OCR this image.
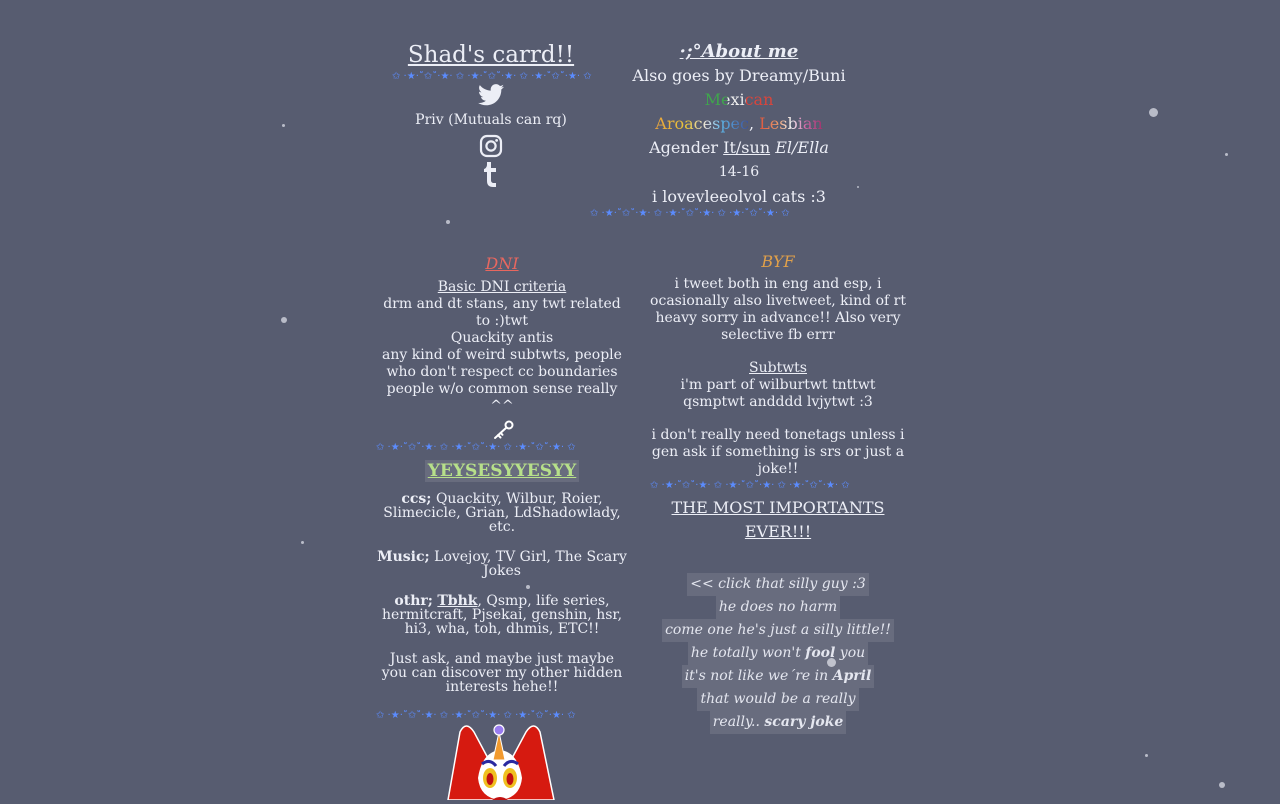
Shad's carrd!!
✩ ·★·˚✩˚·★· ✩ ·★·˚✩˚·★· ✩ ·★·˚✩˚·★· ✩
Priv (Mutuals can rq)
·;°About me
Also goes by Dreamy/Buni
Mexican
Aroacespec, Lesbian
Agender It/sun El/Ella
14-16
i lovevleeolvol cats :3
✩ ·★·˚✩˚·★· ✩ ·★·˚✩˚·★· ✩ ·★·˚✩˚·★· ✩
DNI
Basic DNI criteria
drm and dt stans, any twt related to :)twt
Quackity antis
any kind of weird subtwts, people who don't respect cc boundaries people w/o common sense really
^^
✩ ·★·˚✩˚·★· ✩ ·★·˚✩˚·★· ✩ ·★·˚✩˚·★· ✩
YEYSESYYESYY
ccs; Quackity, Wilbur, Roier, Slimecicle, Grian, LdShadowlady, etc.
Music; Lovejoy, TV Girl, The Scary Jokes
othr; Tbhk, Qsmp, life series, hermitcraft, Pjsekai, genshin, hsr, hi3, wha, toh, dhmis, ETC!!
Just ask, and maybe just maybe you can discover my other hidden interests hehe!!
✩ ·★·˚✩˚·★· ✩ ·★·˚✩˚·★· ✩ ·★·˚✩˚·★· ✩
BYF
i tweet both in eng and esp, i ocasionally also livetweet, kind of rt heavy sorry in advance!! Also very selective fb errr
Subtwts
i'm part of wilburtwt tnttwt qsmptwt andddd lvjytwt :3
i don't really need tonetags unless i gen ask if something is srs or just a joke!!
✩ ·★·˚✩˚·★· ✩ ·★·˚✩˚·★· ✩ ·★·˚✩˚·★· ✩
THE MOST IMPORTANTS EVER!!!
<< click that silly guy :3
he does no harm
come one he's just a silly little!!
he totally won't fool you
it's not like we´re in April
that would be a really
really.. scary joke
